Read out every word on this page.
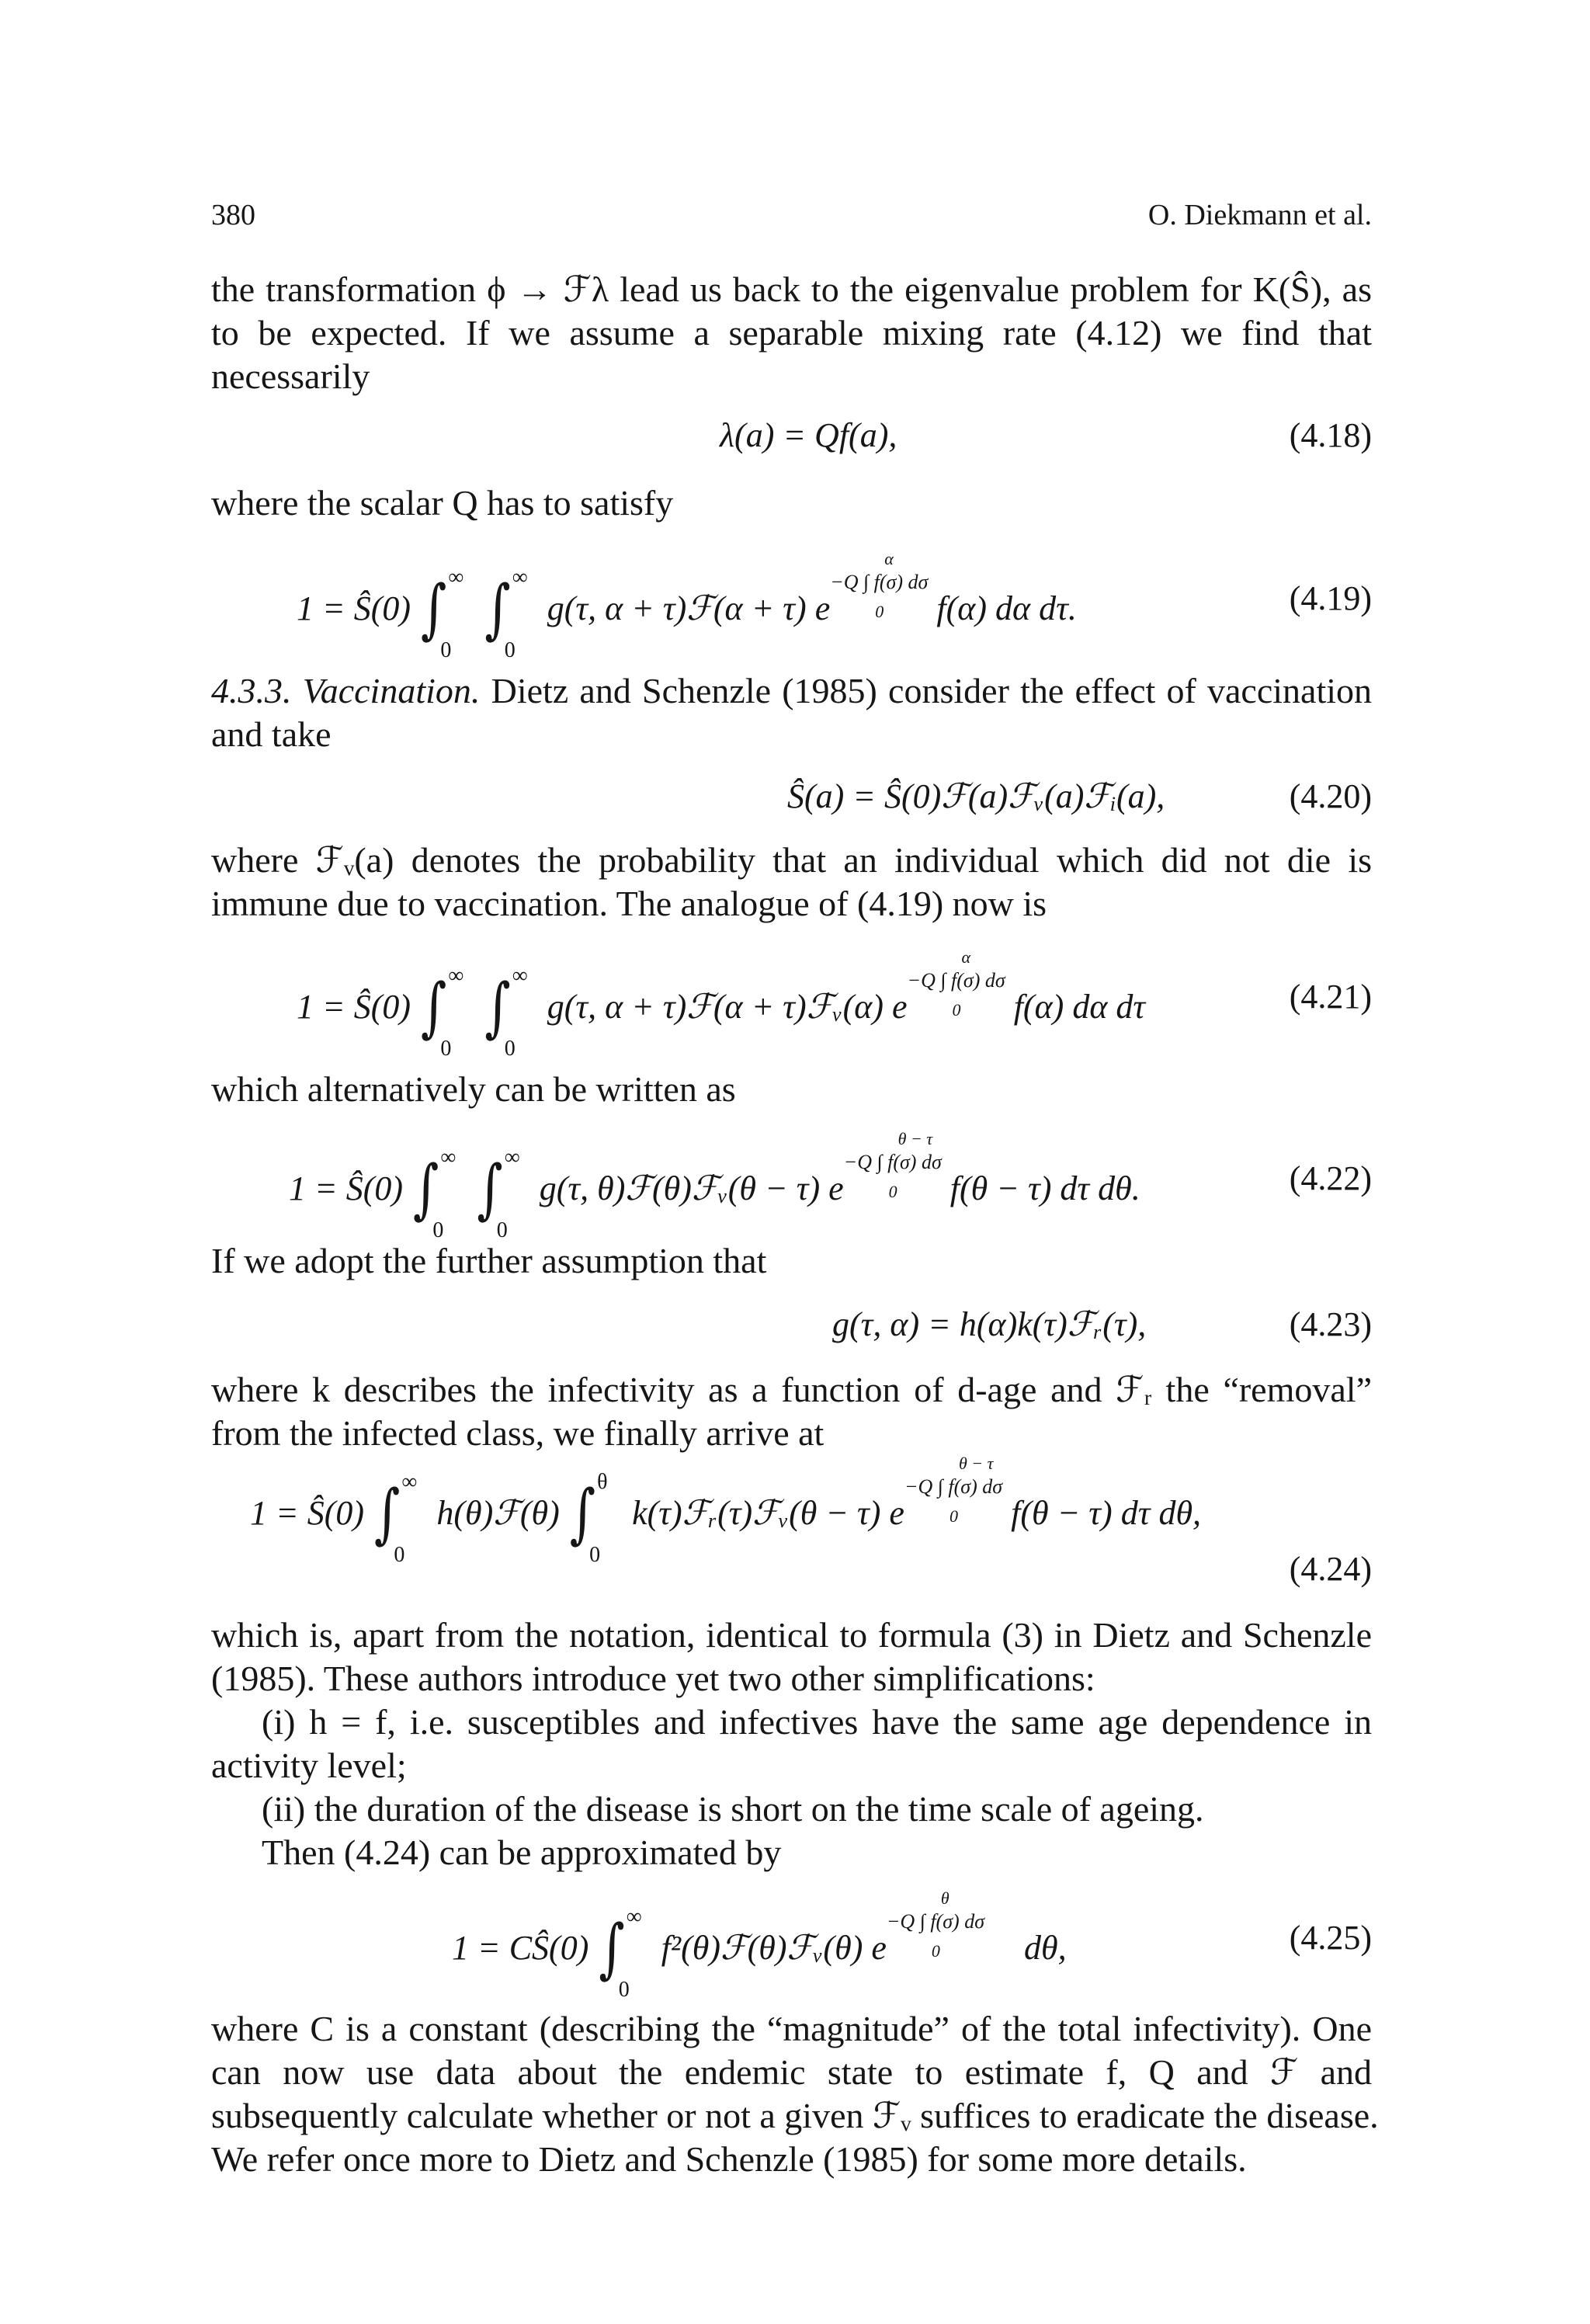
380	O. Diekmann et al.
the transformation ϕ → ℱλ lead us back to the eigenvalue problem for K(Ŝ), as
to be expected. If we assume a separable mixing rate (4.12) we find that
necessarily
λ(a) = Qf(a),	(4.18)
where the scalar Q has to satisfy
1 = Ŝ(0) ∫ ∞
0
∫ ∞
0
g(τ, α + τ)ℱ(α + τ) e−Q ∫ f(σ) dσ
α
0 f(α) dα dτ.	(4.19)
4.3.3. Vaccination. Dietz and Schenzle (1985) consider the effect of vaccination
and take
Ŝ(a) = Ŝ(0)ℱ(a)ℱᵥ(a)ℱᵢ(a),	(4.20)
where ℱᵥ(a) denotes the probability that an individual which did not die is
immune due to vaccination. The analogue of (4.19) now is
1 = Ŝ(0) ∫ ∞
0
∫ ∞
0
g(τ, α + τ)ℱ(α + τ)ℱᵥ(α) e−Q ∫ f(σ) dσ
α
0 f(α) dα dτ	(4.21)
which alternatively can be written as
1 = Ŝ(0) ∫ ∞
0
∫ ∞
0
g(τ, θ)ℱ(θ)ℱᵥ(θ − τ) e−Q ∫ f(σ) dσ
θ − τ
0 f(θ − τ) dτ dθ.	(4.22)
If we adopt the further assumption that
g(τ, α) = h(α)k(τ)ℱᵣ(τ),	(4.23)
where k describes the infectivity as a function of d-age and ℱᵣ the “removal”
from the infected class, we finally arrive at
1 = Ŝ(0) ∫ ∞
0
h(θ)ℱ(θ) ∫ θ
0
k(τ)ℱᵣ(τ)ℱᵥ(θ − τ) e−Q ∫ f(σ) dσ
θ − τ
0 f(θ − τ) dτ dθ,
(4.24)
which is, apart from the notation, identical to formula (3) in Dietz and Schenzle
(1985). These authors introduce yet two other simplifications:
(i) h = f, i.e. susceptibles and infectives have the same age dependence in
activity level;
(ii) the duration of the disease is short on the time scale of ageing.
Then (4.24) can be approximated by
1 = CŜ(0) ∫ ∞
0
f²(θ)ℱ(θ)ℱᵥ(θ) e−Q ∫ f(σ) dσ
θ
0 dθ,	(4.25)
where C is a constant (describing the “magnitude” of the total infectivity). One
can now use data about the endemic state to estimate f, Q and ℱ and
subsequently calculate whether or not a given ℱᵥ suffices to eradicate the disease.
We refer once more to Dietz and Schenzle (1985) for some more details.
